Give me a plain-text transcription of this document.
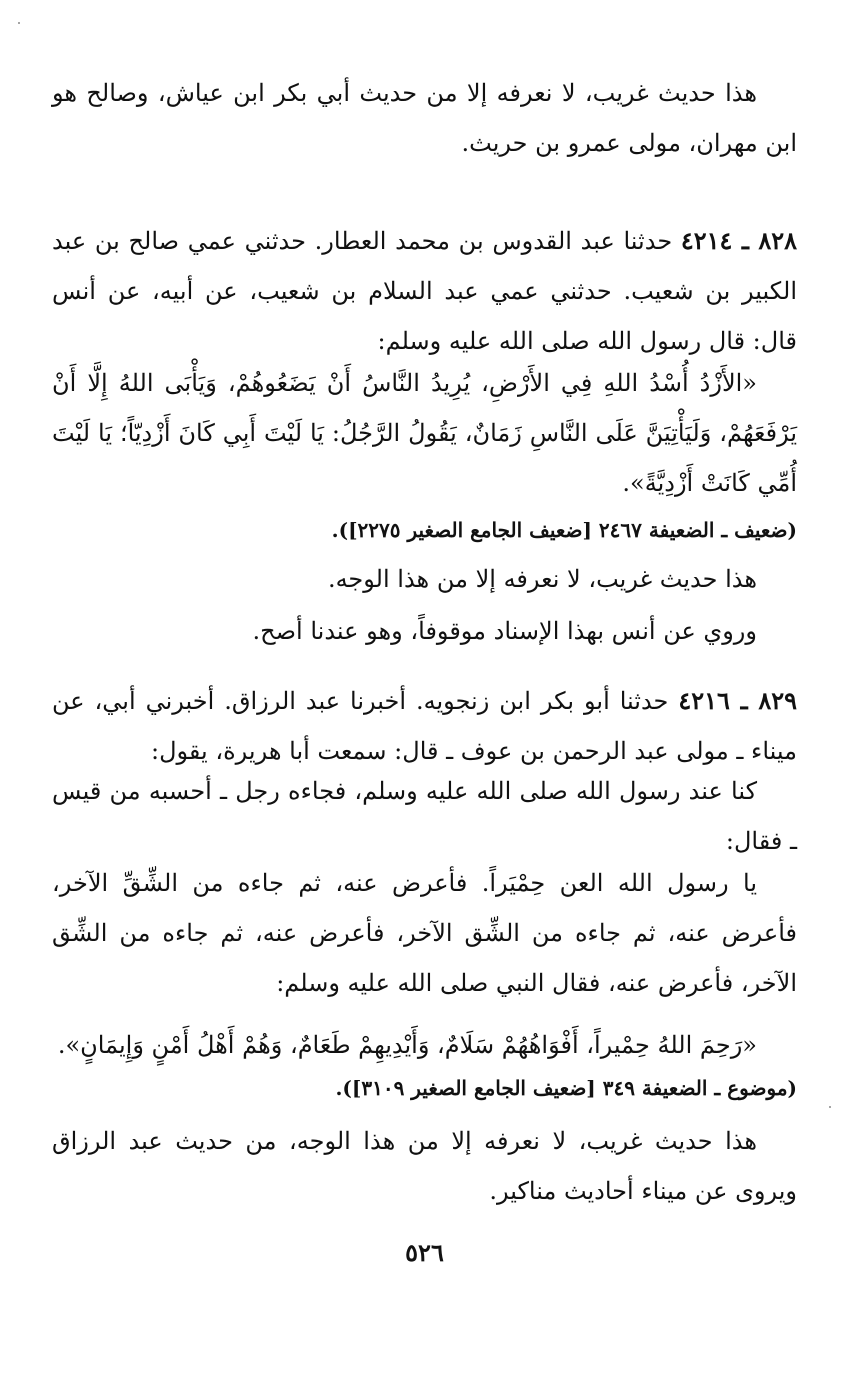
هذا حديث غريب، لا نعرفه إلا من حديث أبي بكر ابن عياش، وصالح هو ابن مهران، مولى عمرو بن حريث.

٨٢٨ ـ ٤٢١٤ حدثنا عبد القدوس بن محمد العطار. حدثني عمي صالح بن عبد الكبير بن شعيب. حدثني عمي عبد السلام بن شعيب، عن أبيه، عن أنس قال: قال رسول الله صلى الله عليه وسلم:

«الأَزْدُ أُسْدُ اللهِ فِي الأَرْضِ، يُرِيدُ النَّاسُ أَنْ يَضَعُوهُمْ، وَيَأْبَى اللهُ إِلَّا أَنْ يَرْفَعَهُمْ، وَلَيَأْتِيَنَّ عَلَى النَّاسِ زَمَانٌ، يَقُولُ الرَّجُلُ: يَا لَيْتَ أَبِي كَانَ أَزْدِيّاً؛ يَا لَيْتَ أُمِّي كَانَتْ أَزْدِيَّةً».

(ضعيف ـ الضعيفة ٢٤٦٧ [ضعيف الجامع الصغير ٢٢٧٥]).

هذا حديث غريب، لا نعرفه إلا من هذا الوجه.

وروي عن أنس بهذا الإسناد موقوفاً، وهو عندنا أصح.

٨٢٩ ـ ٤٢١٦ حدثنا أبو بكر ابن زنجويه. أخبرنا عبد الرزاق. أخبرني أبي، عن ميناء ـ مولى عبد الرحمن بن عوف ـ قال: سمعت أبا هريرة، يقول:

كنا عند رسول الله صلى الله عليه وسلم، فجاءه رجل ـ أحسبه من قيس ـ فقال:

يا رسول الله العن حِمْيَراً. فأعرض عنه، ثم جاءه من الشِّقِّ الآخر، فأعرض عنه، ثم جاءه من الشِّق الآخر، فأعرض عنه، ثم جاءه من الشِّق الآخر، فأعرض عنه، فقال النبي صلى الله عليه وسلم:

«رَحِمَ اللهُ حِمْيراً، أَفْوَاهُهُمْ سَلَامٌ، وَأَيْدِيهِمْ طَعَامٌ، وَهُمْ أَهْلُ أَمْنٍ وَإِيمَانٍ».

(موضوع ـ الضعيفة ٣٤٩ [ضعيف الجامع الصغير ٣١٠٩]).

هذا حديث غريب، لا نعرفه إلا من هذا الوجه، من حديث عبد الرزاق ويروى عن ميناء أحاديث مناكير.

٥٢٦
